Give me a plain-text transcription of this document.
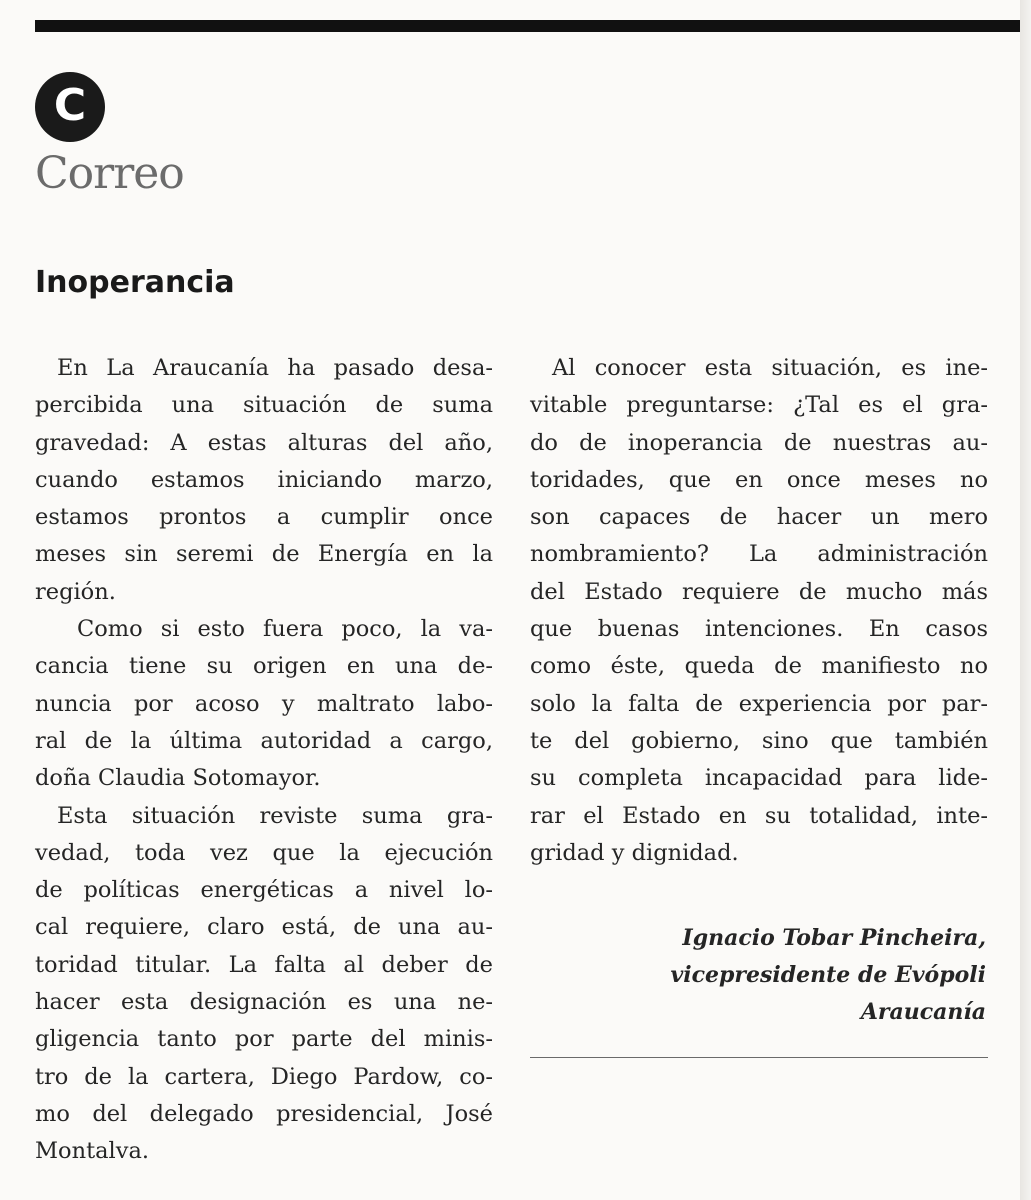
C
Correo
Inoperancia
En La Araucanía ha pasado desa-
percibida una situación de suma
gravedad: A estas alturas del año,
cuando estamos iniciando marzo,
estamos prontos a cumplir once
meses sin seremi de Energía en la
región.
Como si esto fuera poco, la va-
cancia tiene su origen en una de-
nuncia por acoso y maltrato labo-
ral de la última autoridad a cargo,
doña Claudia Sotomayor.
Esta situación reviste suma gra-
vedad, toda vez que la ejecución
de políticas energéticas a nivel lo-
cal requiere, claro está, de una au-
toridad titular. La falta al deber de
hacer esta designación es una ne-
gligencia tanto por parte del minis-
tro de la cartera, Diego Pardow, co-
mo del delegado presidencial, José
Montalva.
Al conocer esta situación, es ine-
vitable preguntarse: ¿Tal es el gra-
do de inoperancia de nuestras au-
toridades, que en once meses no
son capaces de hacer un mero
nombramiento? La administración
del Estado requiere de mucho más
que buenas intenciones. En casos
como éste, queda de manifiesto no
solo la falta de experiencia por par-
te del gobierno, sino que también
su completa incapacidad para lide-
rar el Estado en su totalidad, inte-
gridad y dignidad.
Ignacio Tobar Pincheira,
vicepresidente de Evópoli
Araucanía
